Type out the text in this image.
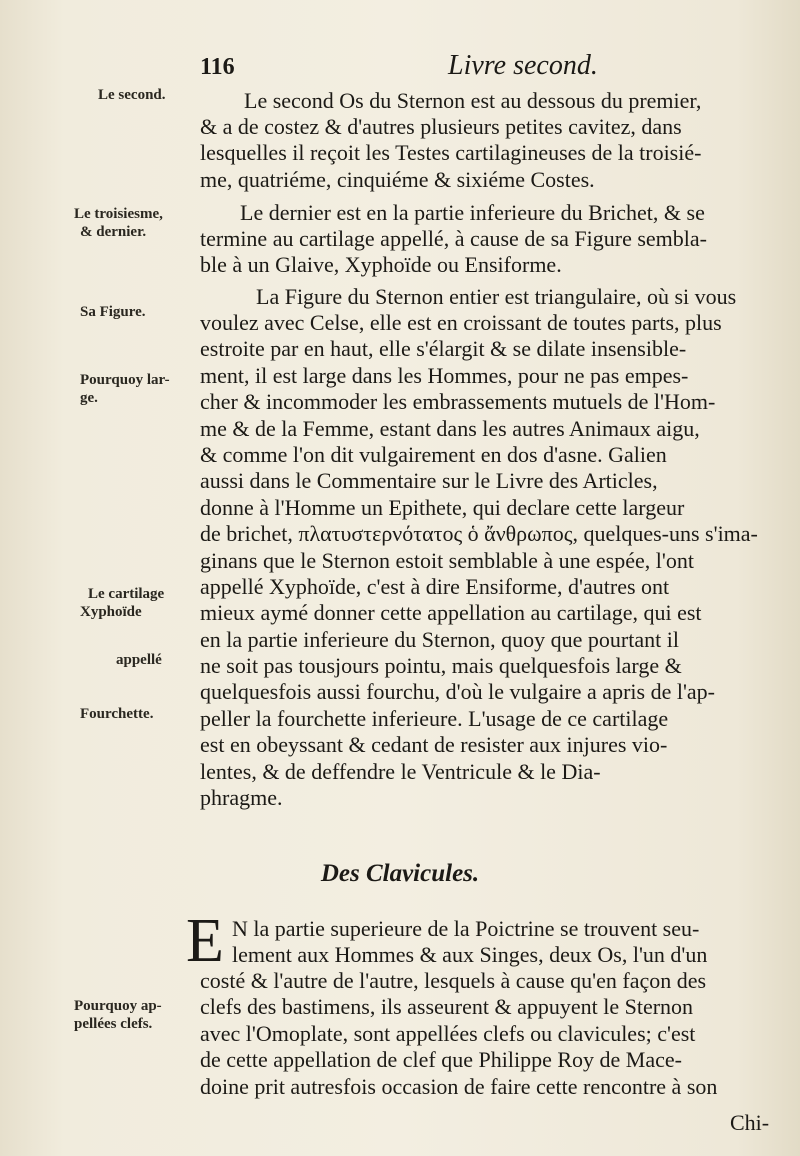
116	Livre second.
Le second.
Le troisiesme,
& dernier.
Sa Figure.
Pourquoy lar-
ge.
Le cartilage
Xyphoïde
appellé
Fourchette.
Pourquoy ap-
pellées clefs.
Le second Os du Sternon est au dessous du premier,
& a de costez & d'autres plusieurs petites cavitez, dans
lesquelles il reçoit les Testes cartilagineuses de la troisié-
me, quatriéme, cinquiéme & sixiéme Costes.
Le dernier est en la partie inferieure du Brichet, & se
termine au cartilage appellé, à cause de sa Figure sembla-
ble à un Glaive, Xyphoïde ou Ensiforme.
La Figure du Sternon entier est triangulaire, où si vous
voulez avec Celse, elle est en croissant de toutes parts, plus
estroite par en haut, elle s'élargit & se dilate insensible-
ment, il est large dans les Hommes, pour ne pas empes-
cher & incommoder les embrassements mutuels de l'Hom-
me & de la Femme, estant dans les autres Animaux aigu,
& comme l'on dit vulgairement en dos d'asne. Galien
aussi dans le Commentaire sur le Livre des Articles,
donne à l'Homme un Epithete, qui declare cette largeur
de brichet, πλατυστερνότατος ὁ ἄνθρωπος, quelques-uns s'ima-
ginans que le Sternon estoit semblable à une espée, l'ont
appellé Xyphoïde, c'est à dire Ensiforme, d'autres ont
mieux aymé donner cette appellation au cartilage, qui est
en la partie inferieure du Sternon, quoy que pourtant il
ne soit pas tousjours pointu, mais quelquesfois large &
quelquesfois aussi fourchu, d'où le vulgaire a apris de l'ap-
peller la fourchette inferieure. L'usage de ce cartilage
est en obeyssant & cedant de resister aux injures vio-
lentes, & de deffendre le Ventricule & le Dia-
phragme.
Des Clavicules.
E N la partie superieure de la Poictrine se trouvent seu-
lement aux Hommes & aux Singes, deux Os, l'un d'un
costé & l'autre de l'autre, lesquels à cause qu'en façon des
clefs des bastimens, ils asseurent & appuyent le Sternon
avec l'Omoplate, sont appellées clefs ou clavicules; c'est
de cette appellation de clef que Philippe Roy de Mace-
doine prit autresfois occasion de faire cette rencontre à son
Chi-
